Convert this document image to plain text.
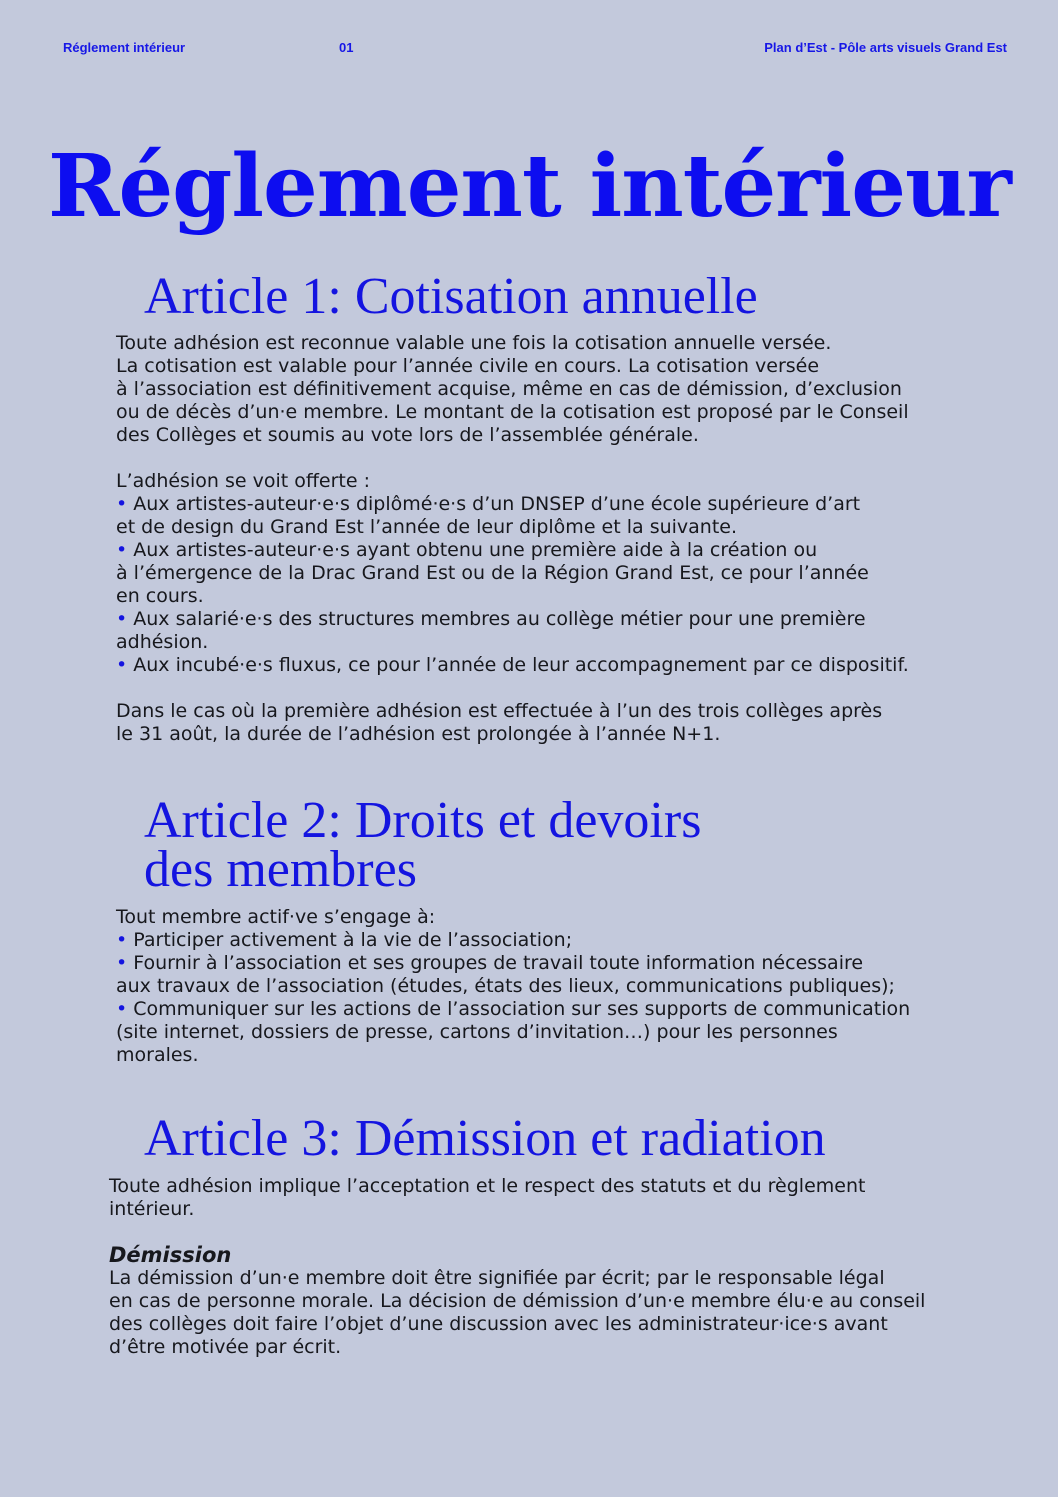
Réglement intérieur	01	Plan d’Est - Pôle arts visuels Grand Est
Réglement intérieur
Article 1: Cotisation annuelle
Toute adhésion est reconnue valable une fois la cotisation annuelle versée.
La cotisation est valable pour l’année civile en cours. La cotisation versée
à l’association est définitivement acquise, même en cas de démission, d’exclusion
ou de décès d’un·e membre. Le montant de la cotisation est proposé par le Conseil
des Collèges et soumis au vote lors de l’assemblée générale.
L’adhésion se voit offerte :
• Aux artistes-auteur·e·s diplômé·e·s d’un DNSEP d’une école supérieure d’art
et de design du Grand Est l’année de leur diplôme et la suivante.
• Aux artistes-auteur·e·s ayant obtenu une première aide à la création ou
à l’émergence de la Drac Grand Est ou de la Région Grand Est, ce pour l’année
en cours.
• Aux salarié·e·s des structures membres au collège métier pour une première
adhésion.
• Aux incubé·e·s fluxus, ce pour l’année de leur accompagnement par ce dispositif.
Dans le cas où la première adhésion est effectuée à l’un des trois collèges après
le 31 août, la durée de l’adhésion est prolongée à l’année N+1.
Article 2: Droits et devoirs
des membres
Tout membre actif·ve s’engage à:
• Participer activement à la vie de l’association;
• Fournir à l’association et ses groupes de travail toute information nécessaire
aux travaux de l’association (études, états des lieux, communications publiques);
• Communiquer sur les actions de l’association sur ses supports de communication
(site internet, dossiers de presse, cartons d’invitation…) pour les personnes
morales.
Article 3: Démission et radiation
Toute adhésion implique l’acceptation et le respect des statuts et du règlement
intérieur.
Démission
La démission d’un·e membre doit être signifiée par écrit; par le responsable légal
en cas de personne morale. La décision de démission d’un·e membre élu·e au conseil
des collèges doit faire l’objet d’une discussion avec les administrateur·ice·s avant
d’être motivée par écrit.
